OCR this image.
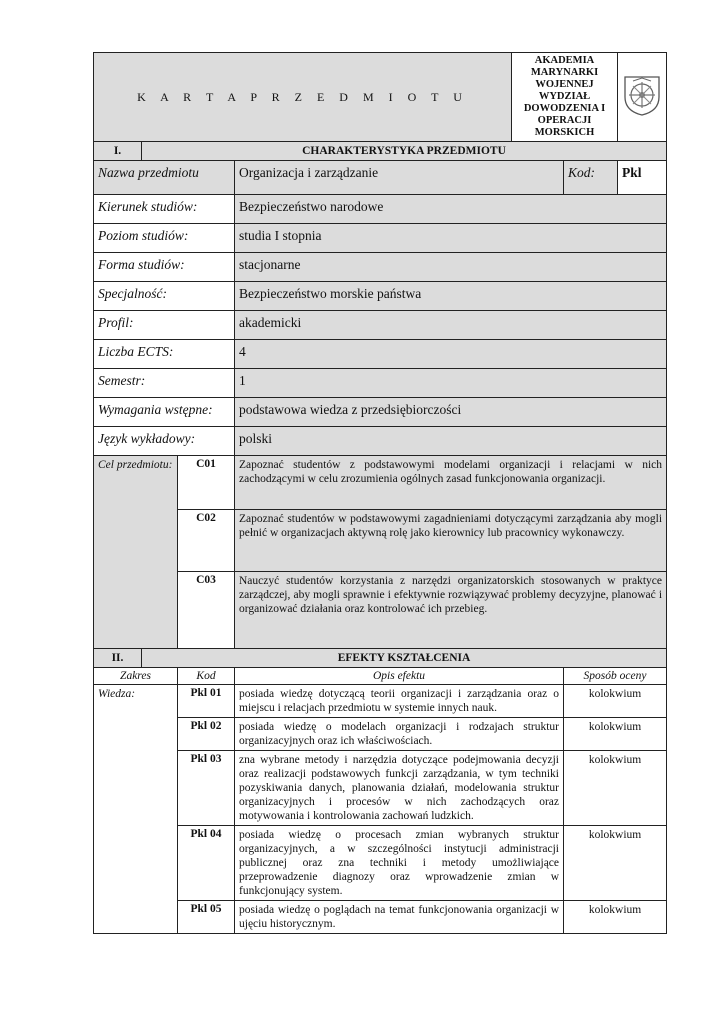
K A R T A P R Z E D M I O T U				AKADEMIA MARYNARKI WOJENNEJ
WYDZIAŁ DOWODZENIA I OPERACJI MORSKICH

I.	CHARAKTERYSTYKA PRZEDMIOTU					
Nazwa przedmiotu			Organizacja i zarządzanie		Kod:	Pkl
Kierunek studiów:			Bezpieczeństwo narodowe			
Poziom studiów:			studia I stopnia			
Forma studiów:			stacjonarne			
Specjalność:			Bezpieczeństwo morskie państwa			
Profil:			akademicki			
Liczba ECTS:			4			
Semestr:			1			
Wymagania wstępne:			podstawowa wiedza z przedsiębiorczości			
Język wykładowy:			polski			
Cel przedmiotu:		C01	Zapoznać studentów z podstawowymi modelami organizacji i relacjami w nich zachodzącymi w celu zrozumienia ogólnych zasad funkcjonowania organizacji.			
		C02	Zapoznać studentów w podstawowymi zagadnieniami dotyczącymi zarządzania aby mogli pełnić w organizacjach aktywną rolę jako kierownicy lub pracownicy wykonawczy.			
		C03	Nauczyć studentów korzystania z narzędzi organizatorskich stosowanych w praktyce zarządczej, aby mogli sprawnie i efektywnie rozwiązywać problemy decyzyjne, planować i organizować działania oraz kontrolować ich przebieg.			
II.	EFEKTY KSZTAŁCENIA					
Zakres		Kod	Opis efektu		Sposób oceny	
Wiedza:		Pkl 01	posiada wiedzę dotyczącą teorii organizacji i zarządzania oraz o miejscu i relacjach przedmiotu w systemie innych nauk.		kolokwium	
		Pkl 02	posiada wiedzę o modelach organizacji i rodzajach struktur organizacyjnych oraz ich właściwościach.		kolokwium	
		Pkl 03	zna wybrane metody i narzędzia dotyczące podejmowania decyzji oraz realizacji podstawowych funkcji zarządzania, w tym techniki pozyskiwania danych, planowania działań, modelowania struktur organizacyjnych i procesów w nich zachodzących oraz motywowania i kontrolowania zachowań ludzkich.		kolokwium	
		Pkl 04	posiada wiedzę o procesach zmian wybranych struktur organizacyjnych, a w szczególności instytucji administracji publicznej oraz zna techniki i metody umożliwiające przeprowadzenie diagnozy oraz wprowadzenie zmian w funkcjonujący system.		kolokwium	
		Pkl 05	posiada wiedzę o poglądach na temat funkcjonowania organizacji w ujęciu historycznym.		kolokwium	
